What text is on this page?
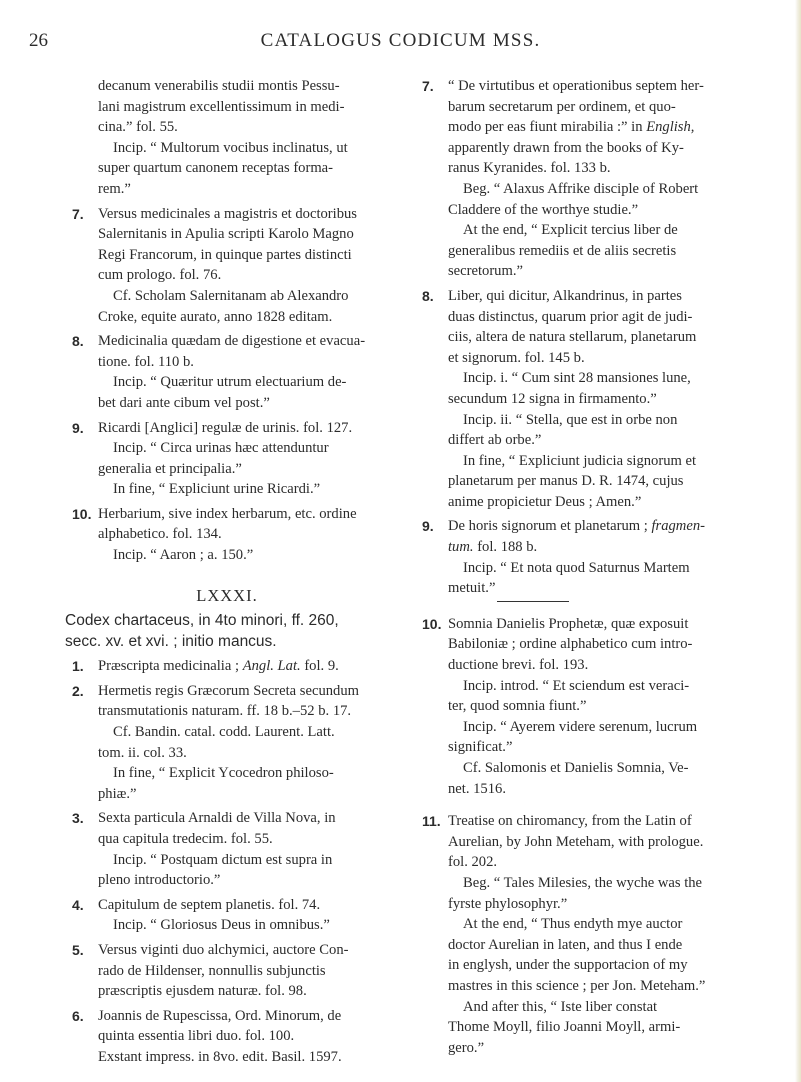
26	CATALOGUS CODICUM MSS.

decanum venerabilis studii montis Pessu-

lani magistrum excellentissimum in medi-

cina.” fol. 55.

Incip. “ Multorum vocibus inclinatus, ut

super quartum canonem receptas forma-

rem.”

7. Versus medicinales a magistris et doctoribus

Salernitanis in Apulia scripti Karolo Magno

Regi Francorum, in quinque partes distincti

cum prologo. fol. 76.

Cf. Scholam Salernitanam ab Alexandro

Croke, equite aurato, anno 1828 editam.

8. Medicinalia quædam de digestione et evacua-

tione. fol. 110 b.

Incip. “ Quæritur utrum electuarium de-

bet dari ante cibum vel post.”

9. Ricardi [Anglici] regulæ de urinis. fol. 127.

Incip. “ Circa urinas hæc attenduntur

generalia et principalia.”

In fine, “ Expliciunt urine Ricardi.”

10. Herbarium, sive index herbarum, etc. ordine

alphabetico. fol. 134.

Incip. “ Aaron ; a. 150.”

LXXXI.
Codex chartaceus, in 4to minori, ff. 260,
secc. xv. et xvi. ; initio mancus.
1. Præscripta medicinalia ; Angl. Lat. fol. 9.

2. Hermetis regis Græcorum Secreta secundum

transmutationis naturam. ff. 18 b.–52 b. 17.

Cf. Bandin. catal. codd. Laurent. Latt.

tom. ii. col. 33.

In fine, “ Explicit Ycocedron philoso-

phiæ.”

3. Sexta particula Arnaldi de Villa Nova, in

qua capitula tredecim. fol. 55.

Incip. “ Postquam dictum est supra in

pleno introductorio.”

4. Capitulum de septem planetis. fol. 74.

Incip. “ Gloriosus Deus in omnibus.”

5. Versus viginti duo alchymici, auctore Con-

rado de Hildenser, nonnullis subjunctis

præscriptis ejusdem naturæ. fol. 98.

6. Joannis de Rupescissa, Ord. Minorum, de

quinta essentia libri duo. fol. 100.

Exstant impress. in 8vo. edit. Basil. 1597.

7. “ De virtutibus et operationibus septem her-

barum secretarum per ordinem, et quo-

modo per eas fiunt mirabilia :” in English,

apparently drawn from the books of Ky-

ranus Kyranides. fol. 133 b.

Beg. “ Alaxus Affrike disciple of Robert

Claddere of the worthye studie.”

At the end, “ Explicit tercius liber de

generalibus remediis et de aliis secretis

secretorum.”

8. Liber, qui dicitur, Alkandrinus, in partes

duas distinctus, quarum prior agit de judi-

ciis, altera de natura stellarum, planetarum

et signorum. fol. 145 b.

Incip. i. “ Cum sint 28 mansiones lune,

secundum 12 signa in firmamento.”

Incip. ii. “ Stella, que est in orbe non

differt ab orbe.”

In fine, “ Expliciunt judicia signorum et

planetarum per manus D. R. 1474, cujus

anime propicietur Deus ; Amen.”

9. De horis signorum et planetarum ; fragmen-

tum. fol. 188 b.

Incip. “ Et nota quod Saturnus Martem

metuit.”

10. Somnia Danielis Prophetæ, quæ exposuit

Babiloniæ ; ordine alphabetico cum intro-

ductione brevi. fol. 193.

Incip. introd. “ Et sciendum est veraci-

ter, quod somnia fiunt.”

Incip. “ Ayerem videre serenum, lucrum

significat.”

Cf. Salomonis et Danielis Somnia, Ve-

net. 1516.

11. Treatise on chiromancy, from the Latin of

Aurelian, by John Meteham, with prologue.

fol. 202.

Beg. “ Tales Milesies, the wyche was the

fyrste phylosophyr.”

At the end, “ Thus endyth mye auctor

doctor Aurelian in laten, and thus I ende

in englysh, under the supportacion of my

mastres in this science ; per Jon. Meteham.”

And after this, “ Iste liber constat

Thome Moyll, filio Joanni Moyll, armi-

gero.”
